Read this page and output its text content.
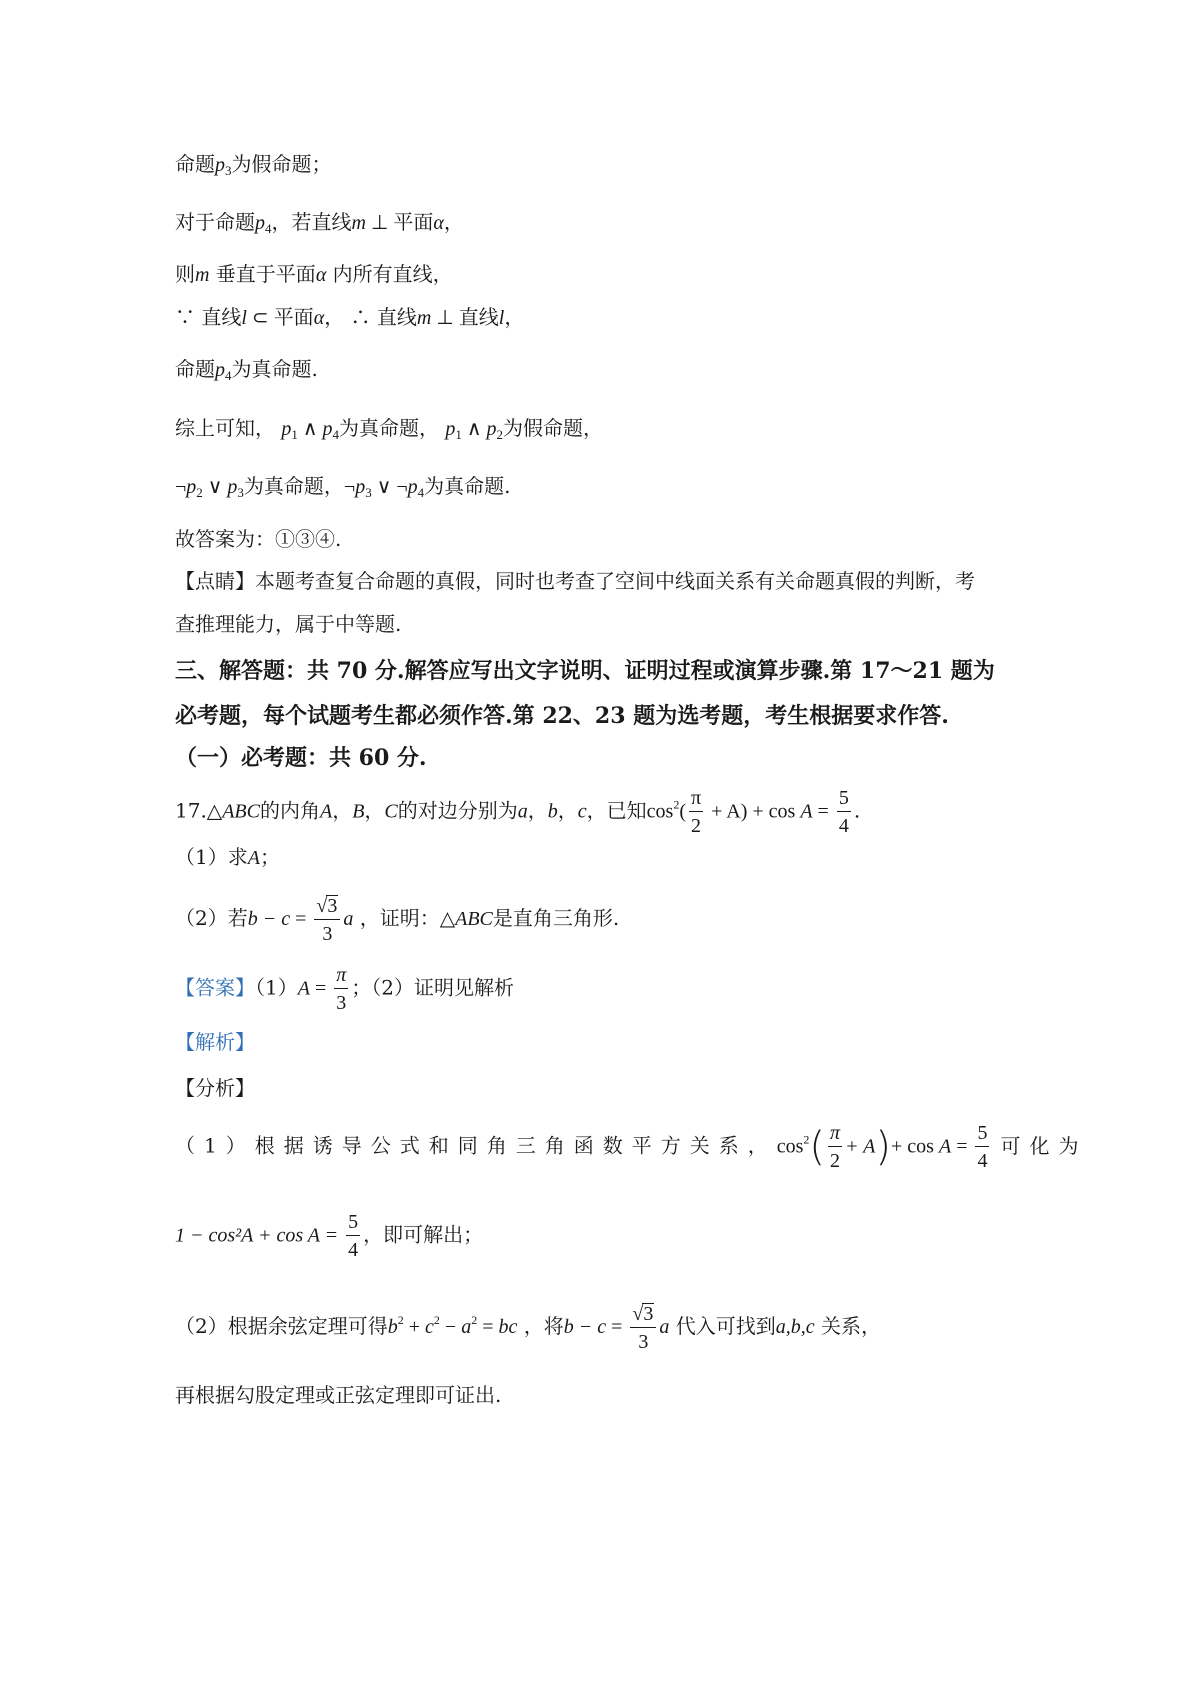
命题$p_3$为假命题；
对于命题$p_4$，若直线m ⊥ 平面α，
则m 垂直于平面α 内所有直线，
∵ 直线l ⊂ 平面α， ∴ 直线m ⊥ 直线l，
命题$p_4$为真命题.
综上可知， $p_1$ ∧ $p_4$为真命题， $p_1$ ∧ $p_2$为假命题，
$\neg p_2$ ∨ $p_3$为真命题，$\neg p_3$ ∨ $\neg p_4$为真命题.
故答案为：①③④.
【点睛】本题考查复合命题的真假，同时也考查了空间中线面关系有关命题真假的判断，考
查推理能力，属于中等题.
三、解答题：共 70 分.解答应写出文字说明、证明过程或演算步骤.第 17～21 题为
必考题，每个试题考生都必须作答.第 22、23 题为选考题，考生根据要求作答.
（一）必考题：共 60 分.
17.△ABC的内角A，B，C的对边分别为a，b，c，已知$\cos^2( \frac{\pi}{2} + A) + \cos A = \frac{5}{4}$ .
（1）求A；
（2）若$b - c = \frac{√3}{3}$ a ，证明：△ABC是直角三角形.
【答案】$(1)A = \frac{\pi}{3}$ ；（2）证明见解析
【解析】
【分析】
（1）根据诱导公式和同角三角函数平方关系，$\cos^2( \frac{\pi}{2} + A)+ \cos A = \frac{5}{4}$ 可化为
$1 - \cos^2A + \cos A = \frac{5}{4}$ ，即可解出；
（2）根据余弦定理可得$b^2 + c^2 - a^2$ = bc ，将$b - c = \frac{√3}{3}$ a 代入可找到a,b,c 关系，
再根据勾股定理或正弦定理即可证出.
